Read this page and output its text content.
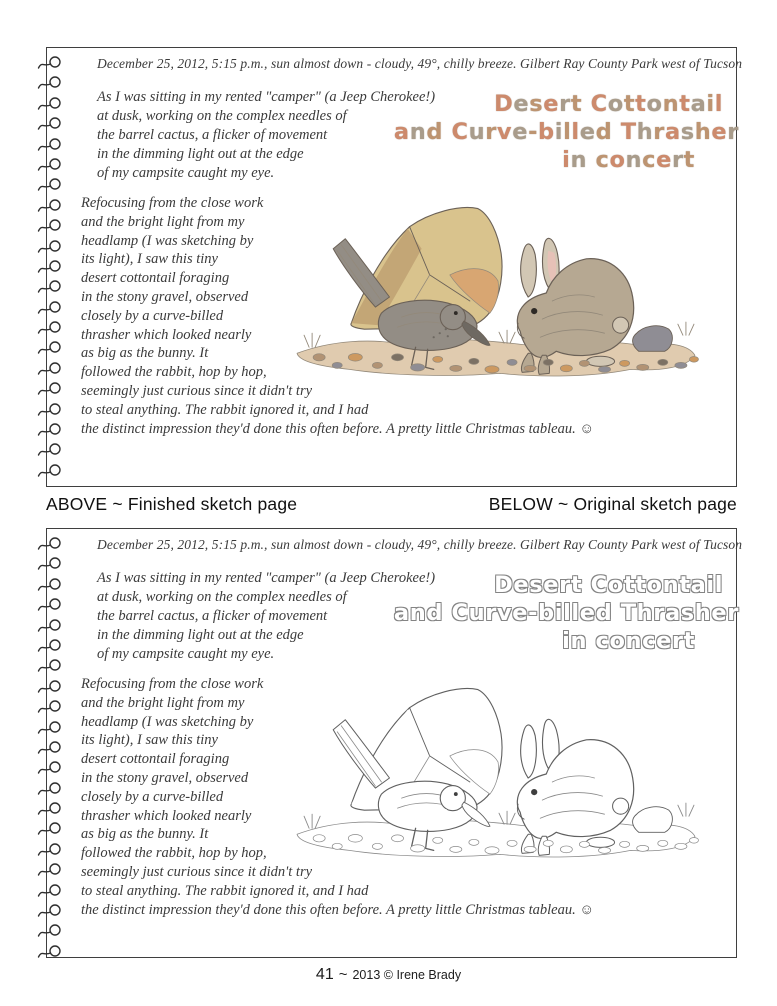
December 25, 2012, 5:15 p.m., sun almost down - cloudy, 49°, chilly breeze. Gilbert Ray County Park west of Tucson
As I was sitting in my rented "camper" (a Jeep Cherokee!)
at dusk, working on the complex needles of
the barrel cactus, a flicker of movement
in the dimming light out at the edge
of my campsite caught my eye.
Desert Cottontail
and Curve-billed Thrasher
in concert
Refocusing from the close work
and the bright light from my
headlamp (I was sketching by
its light), I saw this tiny
desert cottontail foraging
in the stony gravel, observed
closely by a curve-billed
thrasher which looked nearly
as big as the bunny. It
followed the rabbit, hop by hop,
seemingly just curious since it didn't try
to steal anything. The rabbit ignored it, and I had
the distinct impression they'd done this often before. A pretty little Christmas tableau. ☺
ABOVE ~ Finished sketch page	BELOW ~ Original sketch page
December 25, 2012, 5:15 p.m., sun almost down - cloudy, 49°, chilly breeze. Gilbert Ray County Park west of Tucson
As I was sitting in my rented "camper" (a Jeep Cherokee!)
at dusk, working on the complex needles of
the barrel cactus, a flicker of movement
in the dimming light out at the edge
of my campsite caught my eye.
Desert Cottontail
and Curve-billed Thrasher
in concert
Refocusing from the close work
and the bright light from my
headlamp (I was sketching by
its light), I saw this tiny
desert cottontail foraging
in the stony gravel, observed
closely by a curve-billed
thrasher which looked nearly
as big as the bunny. It
followed the rabbit, hop by hop,
seemingly just curious since it didn't try
to steal anything. The rabbit ignored it, and I had
the distinct impression they'd done this often before. A pretty little Christmas tableau. ☺
41 ~ 2013 © Irene Brady
